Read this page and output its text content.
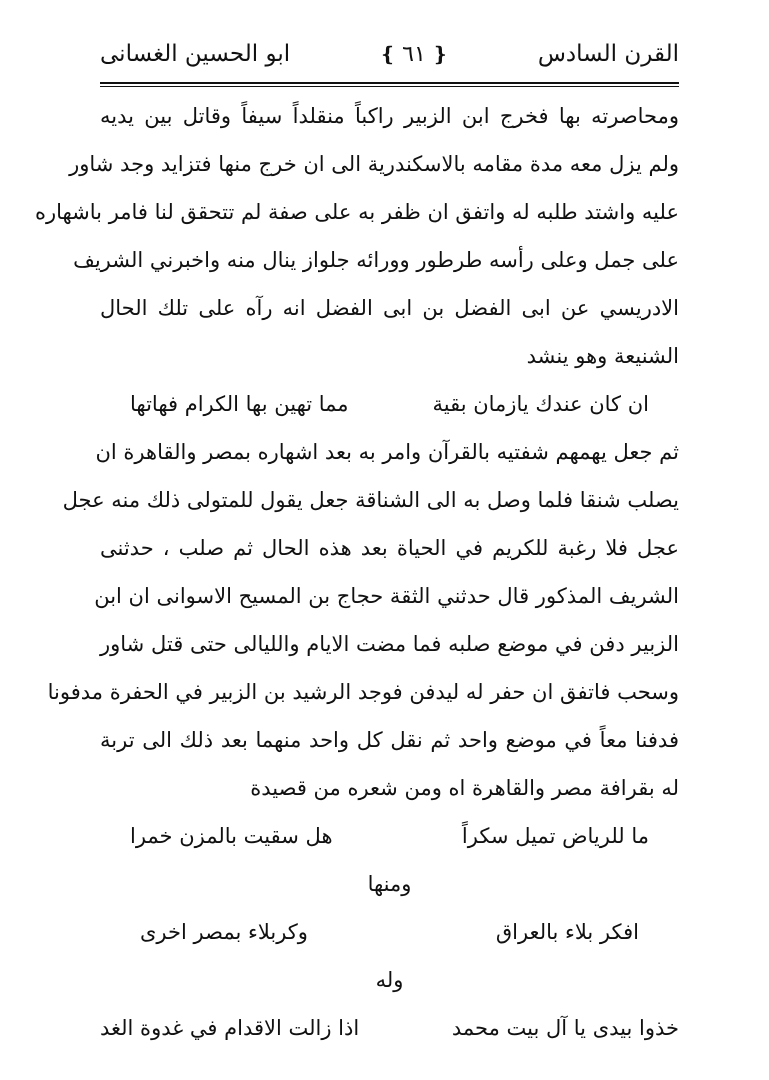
القرن السادس
❴٦١❵
ابو الحسين الغسانى
ومحاصرته بها فخرج ابن الزبير راكباً منقلداً سيفاً وقاتل بين يديه
ولم يزل معه مدة مقامه بالاسكندرية الى ان خرج منها فتزايد وجد شاور
عليه واشتد طلبه له واتفق ان ظفر به على صفة لم تتحقق لنا فامر باشهاره
على جمل وعلى رأسه طرطور وورائه جلواز ينال منه واخبرني الشريف
الادريسي عن ابى الفضل بن ابى الفضل انه رآه على تلك الحال
الشنيعة وهو ينشد
ان كان عندك يازمان بقية
مما تهين بها الكرام فهاتها
ثم جعل يهمهم شفتيه بالقرآن وامر به بعد اشهاره بمصر والقاهرة ان
يصلب شنقا فلما وصل به الى الشناقة جعل يقول للمتولى ذلك منه عجل
عجل فلا رغبة للكريم في الحياة بعد هذه الحال ثم صلب ، حدثنى
الشريف المذكور قال حدثني الثقة حجاج بن المسيح الاسوانى ان ابن
الزبير دفن في موضع صلبه فما مضت الايام والليالى حتى قتل شاور
وسحب فاتفق ان حفر له ليدفن فوجد الرشيد بن الزبير في الحفرة مدفونا
فدفنا معاً في موضع واحد ثم نقل كل واحد منهما بعد ذلك الى تربة
له بقرافة مصر والقاهرة اه ومن شعره من قصيدة
ما للرياض تميل سكراً
هل سقيت بالمزن خمرا
ومنها
افكر بلاء بالعراق
وكربلاء بمصر اخرى
وله
خذوا بيدى يا آل بيت محمد
اذا زالت الاقدام في غدوة الغد
